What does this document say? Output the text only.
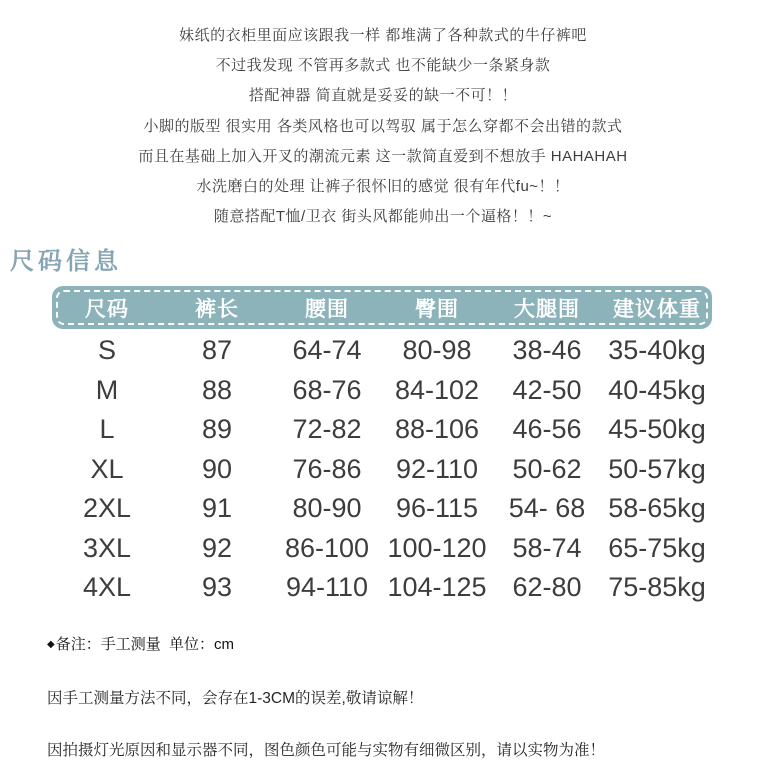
妹纸的衣柜里面应该跟我一样 都堆满了各种款式的牛仔裤吧
不过我发现 不管再多款式 也不能缺少一条紧身款
搭配神器 简直就是妥妥的缺一不可！！
小脚的版型 很实用 各类风格也可以驾驭 属于怎么穿都不会出错的款式
而且在基础上加入开叉的潮流元素 这一款简直爱到不想放手 HAHAHAH
水洗磨白的处理 让裤子很怀旧的感觉 很有年代fu~！！
随意搭配T恤/卫衣 街头风都能帅出一个逼格！！~
尺码信息
尺码	裤长	腰围	臀围	大腿围	建议体重
S	87	64-74	80-98	38-46 35-40kg
M	88	68-76	84-102	42-50 40-45kg
L	89	72-82	88-106	46-56 45-50kg
XL	90	76-86	92-110	50-62 50-57kg
2XL	91	80-90	96-115	54- 68 58-65kg
3XL	92	86-100 100-120 58-74 65-75kg
4XL	93	94-110 104-125 62-80 75-85kg
◆备注：手工测量  单位：cm
因手工测量方法不同，会存在1-3CM的误差,敬请谅解！
因拍摄灯光原因和显示器不同，图色颜色可能与实物有细微区别，请以实物为准！
